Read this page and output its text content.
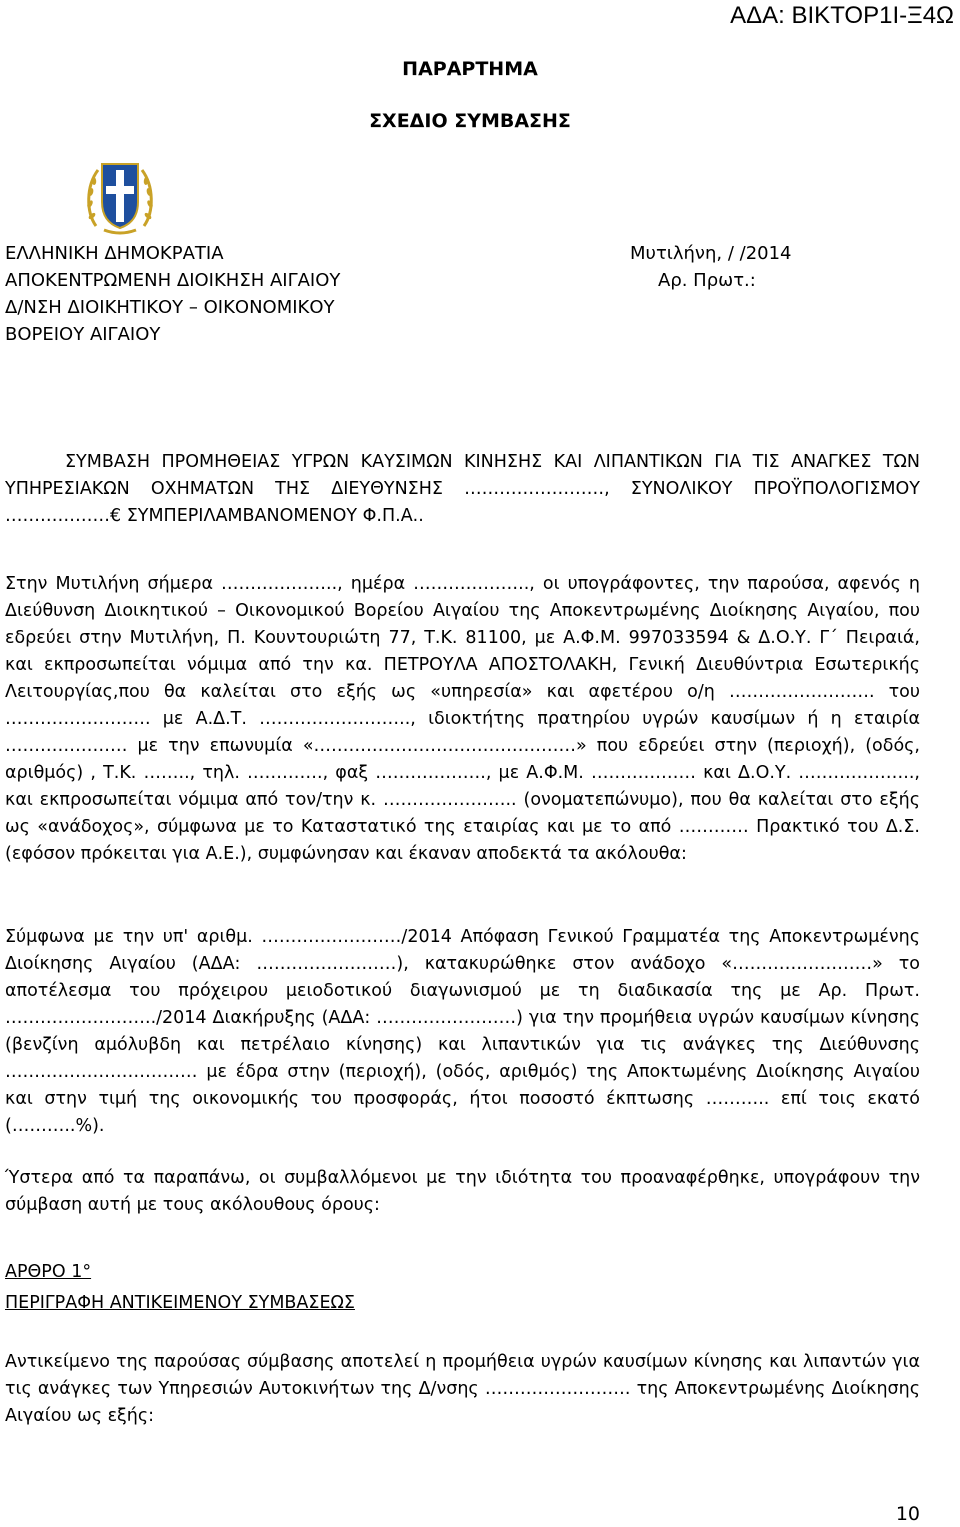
ΑΔΑ: ΒΙΚΤΟΡ1Ι-Ξ4Ω
ΠΑΡΑΡΤΗΜΑ
ΣΧΕΔΙΟ ΣΥΜΒΑΣΗΣ
ΕΛΛΗΝΙΚΗ ΔΗΜΟΚΡΑΤΙΑ
ΑΠΟΚΕΝΤΡΩΜΕΝΗ ΔΙΟΙΚΗΣΗ ΑΙΓΑΙΟΥ
Δ/ΝΣΗ ΔΙΟΙΚΗΤΙΚΟΥ – ΟΙΚΟΝΟΜΙΚΟΥ
ΒΟΡΕΙΟΥ ΑΙΓΑΙΟΥ
Μυτιλήνη, / /2014
Αρ. Πρωτ.:
ΣΥΜΒΑΣΗ ΠΡΟΜΗΘΕΙΑΣ ΥΓΡΩΝ ΚΑΥΣΙΜΩΝ ΚΙΝΗΣΗΣ ΚΑΙ ΛΙΠΑΝΤΙΚΩΝ ΓΙΑ ΤΙΣ ΑΝΑΓΚΕΣ ΤΩΝ ΥΠΗΡΕΣΙΑΚΩΝ ΟΧΗΜΑΤΩΝ ΤΗΣ ΔΙΕΥΘΥΝΣΗΣ ……………………, ΣΥΝΟΛΙΚΟΥ ΠΡΟΫΠΟΛΟΓΙΣΜΟΥ ………………€ ΣΥΜΠΕΡΙΛΑΜΒΑΝΟΜΕΝΟΥ Φ.Π.Α..
Στην Μυτιλήνη σήμερα ……………….., ημέρα ……………….., οι υπογράφοντες, την παρούσα, αφενός η Διεύθυνση Διοικητικού – Οικονομικού Βορείου Αιγαίου της Αποκεντρωμένης Διοίκησης Αιγαίου, που εδρεύει στην Μυτιλήνη, Π. Κουντουριώτη 77, Τ.Κ. 81100, με Α.Φ.Μ. 997033594 & Δ.Ο.Υ. Γ΄ Πειραιά, και εκπροσωπείται νόμιμα από την κα. ΠΕΤΡΟΥΛΑ ΑΠΟΣΤΟΛΑΚΗ, Γενική Διευθύντρια Εσωτερικής Λειτουργίας,που θα καλείται στο εξής ως «υπηρεσία» και αφετέρου ο/η ……………………. του ……………………. με Α.Δ.Τ. …………………….., ιδιοκτήτης πρατηρίου υγρών καυσίμων ή η εταιρία ………………… με την επωνυμία «………………………………………» που εδρεύει στην (περιοχή), (οδός, αριθμός) , Τ.Κ. …….., τηλ. …………., φαξ ………………., με Α.Φ.Μ. ……………… και Δ.Ο.Υ. ……………….., και εκπροσωπείται νόμιμα από τον/την κ. ………………….. (ονοματεπώνυμο), που θα καλείται στο εξής ως «ανάδοχος», σύμφωνα με το Καταστατικό της εταιρίας και με το από ………… Πρακτικό του Δ.Σ. (εφόσον πρόκειται για Α.Ε.), συμφώνησαν και έκαναν αποδεκτά τα ακόλουθα:
Σύμφωνα με την υπ' αριθμ. ……………………/2014 Απόφαση Γενικού Γραμματέα της Αποκεντρωμένης Διοίκησης Αιγαίου (ΑΔΑ: ……………………), κατακυρώθηκε στον ανάδοχο «……………………» το αποτέλεσμα του πρόχειρου μειοδοτικού διαγωνισμού με τη διαδικασία της με Αρ. Πρωτ. ……………………../2014 Διακήρυξης (ΑΔΑ: ……………………) για την προμήθεια υγρών καυσίμων κίνησης (βενζίνη αμόλυβδη και πετρέλαιο κίνησης) και λιπαντικών για τις ανάγκες της Διεύθυνσης …………………………… με έδρα στην (περιοχή), (οδός, αριθμός) της Αποκτωμένης Διοίκησης Αιγαίου και στην τιμή της οικονομικής του προσφοράς, ήτοι ποσοστό έκπτωσης ……….. επί τοις εκατό (………..%).
Ύστερα από τα παραπάνω, οι συμβαλλόμενοι με την ιδιότητα του προαναφέρθηκε, υπογράφουν την σύμβαση αυτή με τους ακόλουθους όρους:
ΑΡΘΡΟ 1°
ΠΕΡΙΓΡΑΦΗ ΑΝΤΙΚΕΙΜΕΝΟΥ ΣΥΜΒΑΣΕΩΣ
Αντικείμενο της παρούσας σύμβασης αποτελεί η προμήθεια υγρών καυσίμων κίνησης και λιπαντών για τις ανάγκες των Υπηρεσιών Αυτοκινήτων της Δ/νσης ……………………. της Αποκεντρωμένης Διοίκησης Αιγαίου ως εξής:
10
